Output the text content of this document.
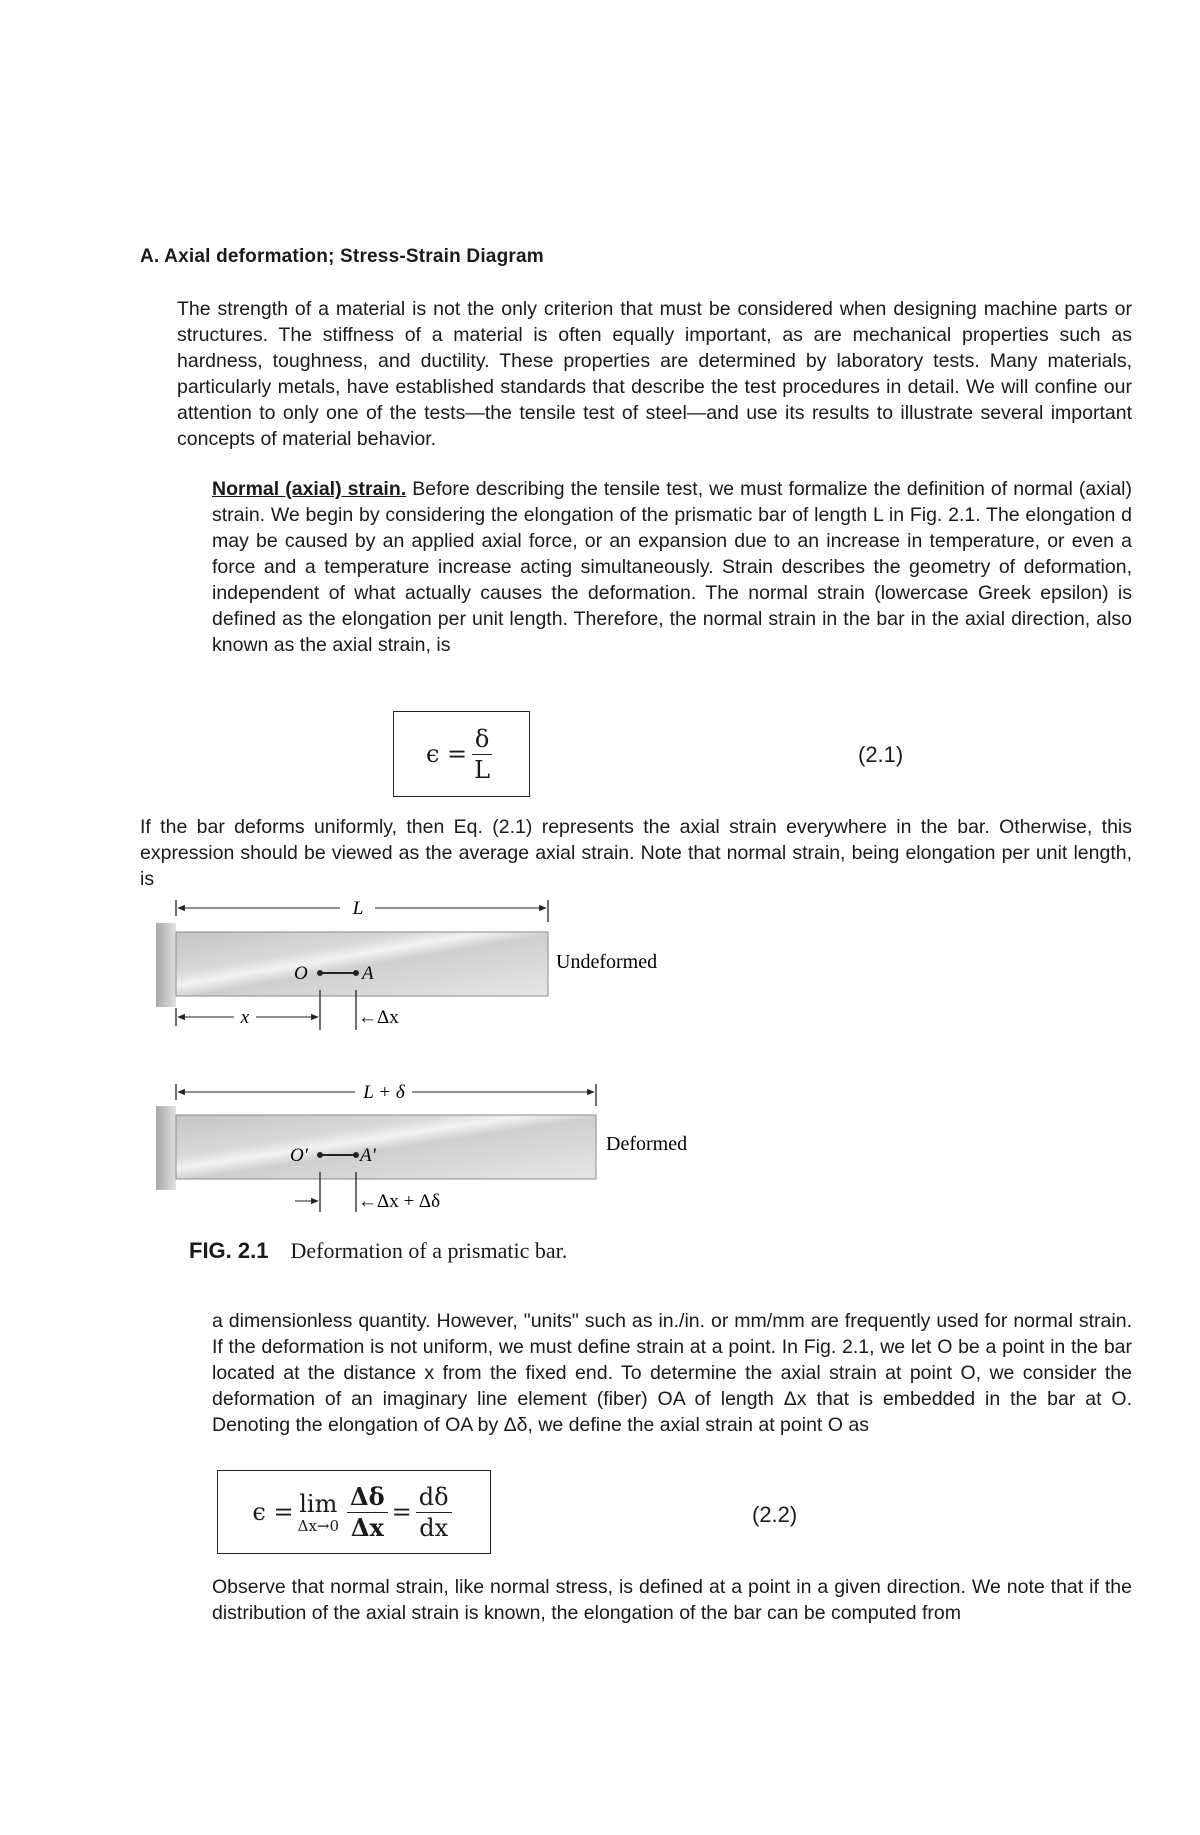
A. Axial deformation; Stress-Strain Diagram

The strength of a material is not the only criterion that must be considered when designing machine parts or structures. The stiffness of a material is often equally important, as are mechanical properties such as hardness, toughness, and ductility. These properties are determined by laboratory tests. Many materials, particularly metals, have established standards that describe the test procedures in detail. We will confine our attention to only one of the tests—the tensile test of steel—and use its results to illustrate several important concepts of material behavior.

Normal (axial) strain. Before describing the tensile test, we must formalize the definition of normal (axial) strain. We begin by considering the elongation of the prismatic bar of length L in Fig. 2.1. The elongation d may be caused by an applied axial force, or an expansion due to an increase in temperature, or even a force and a temperature increase acting simultaneously. Strain describes the geometry of deformation, independent of what actually causes the deformation. The normal strain (lowercase Greek epsilon) is defined as the elongation per unit length. Therefore, the normal strain in the bar in the axial direction, also known as the axial strain, is

$\epsilon = \frac{\delta}{L}$	(2.1)

If the bar deforms uniformly, then Eq. (2.1) represents the axial strain everywhere in the bar. Otherwise, this expression should be viewed as the average axial strain. Note that normal strain, being elongation per unit length, is

L
Undeformed
O	A
x	←Δx
L + δ
Deformed
O'	A'
←Δx + Δδ
FIG. 2.1 Deformation of a prismatic bar.

a dimensionless quantity. However, "units" such as in./in. or mm/mm are frequently used for normal strain. If the deformation is not uniform, we must define strain at a point. In Fig. 2.1, we let O be a point in the bar located at the distance x from the fixed end. To determine the axial strain at point O, we consider the deformation of an imaginary line element (fiber) OA of length Δx that is embedded in the bar at O. Denoting the elongation of OA by Δδ, we define the axial strain at point O as

ϵ = lim
$\Delta x\to 0 \frac{\Delta\delta}{\Delta x} = \frac{d\delta}{dx}$	(2.2)

Observe that normal strain, like normal stress, is defined at a point in a given direction. We note that if the distribution of the axial strain is known, the elongation of the bar can be computed from
